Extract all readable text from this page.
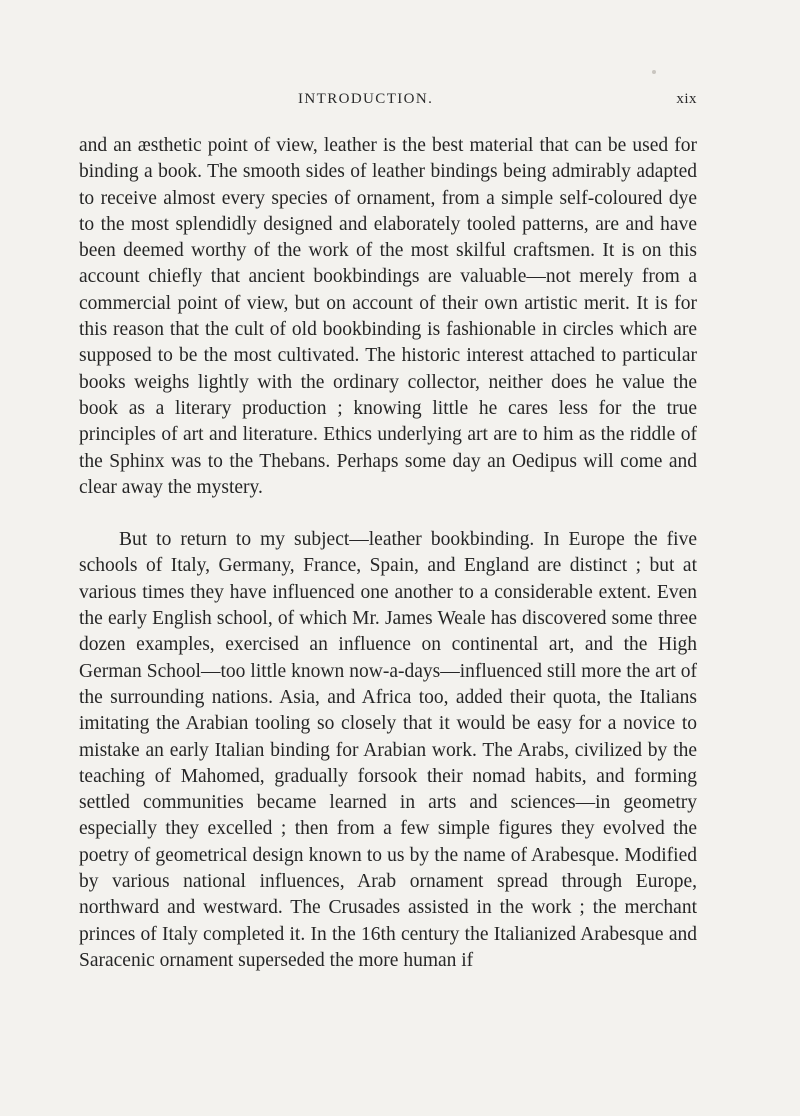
INTRODUCTION.	xix

and an æsthetic point of view, leather is the best material that can be used for binding a book. The smooth sides of leather bindings being admirably adapted to receive almost every species of ornament, from a simple self-coloured dye to the most splendidly designed and elaborately tooled patterns, are and have been deemed worthy of the work of the most skilful craftsmen. It is on this account chiefly that ancient bookbindings are valuable—not merely from a commercial point of view, but on account of their own artistic merit. It is for this reason that the cult of old bookbinding is fashionable in circles which are supposed to be the most cultivated. The historic interest attached to particular books weighs lightly with the ordinary collector, neither does he value the book as a literary production ; knowing little he cares less for the true principles of art and literature. Ethics underlying art are to him as the riddle of the Sphinx was to the Thebans. Perhaps some day an Oedipus will come and clear away the mystery.

But to return to my subject—leather bookbinding. In Europe the five schools of Italy, Germany, France, Spain, and England are distinct ; but at various times they have influenced one another to a considerable extent. Even the early English school, of which Mr. James Weale has discovered some three dozen examples, exercised an influence on continental art, and the High German School—too little known now-a-days—influenced still more the art of the surrounding nations. Asia, and Africa too, added their quota, the Italians imitating the Arabian tooling so closely that it would be easy for a novice to mistake an early Italian binding for Arabian work. The Arabs, civilized by the teaching of Mahomed, gradually forsook their nomad habits, and forming settled communities became learned in arts and sciences—in geometry especially they excelled ; then from a few simple figures they evolved the poetry of geometrical design known to us by the name of Arabesque. Modified by various national influences, Arab ornament spread through Europe, northward and westward. The Crusades assisted in the work ; the merchant princes of Italy completed it. In the 16th century the Italianized Arabesque and Saracenic ornament superseded the more human if
